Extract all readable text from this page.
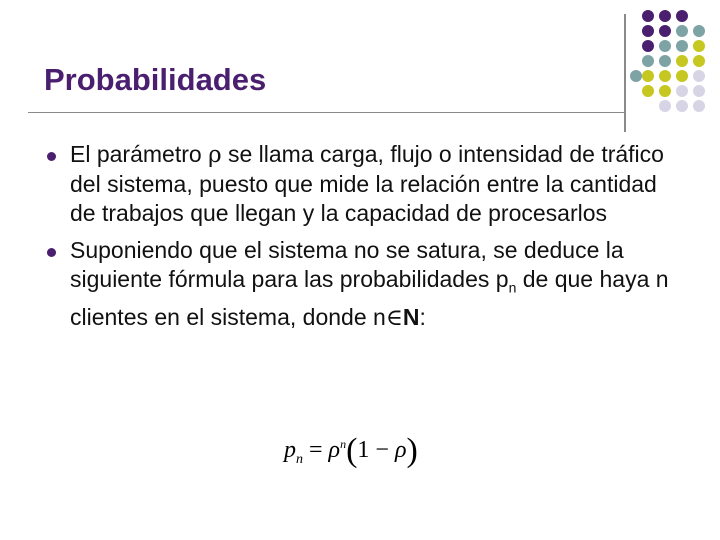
Probabilidades
El parámetro ρ se llama carga, flujo o intensidad de tráfico del sistema, puesto que mide la relación entre la cantidad de trabajos que llegan y la capacidad de procesarlos
Suponiendo que el sistema no se satura, se deduce la siguiente fórmula para las probabilidades $p_n$ de que haya n clientes en el sistema, donde n∈N:
$p_n = \rho^n(1 - \rho)$
